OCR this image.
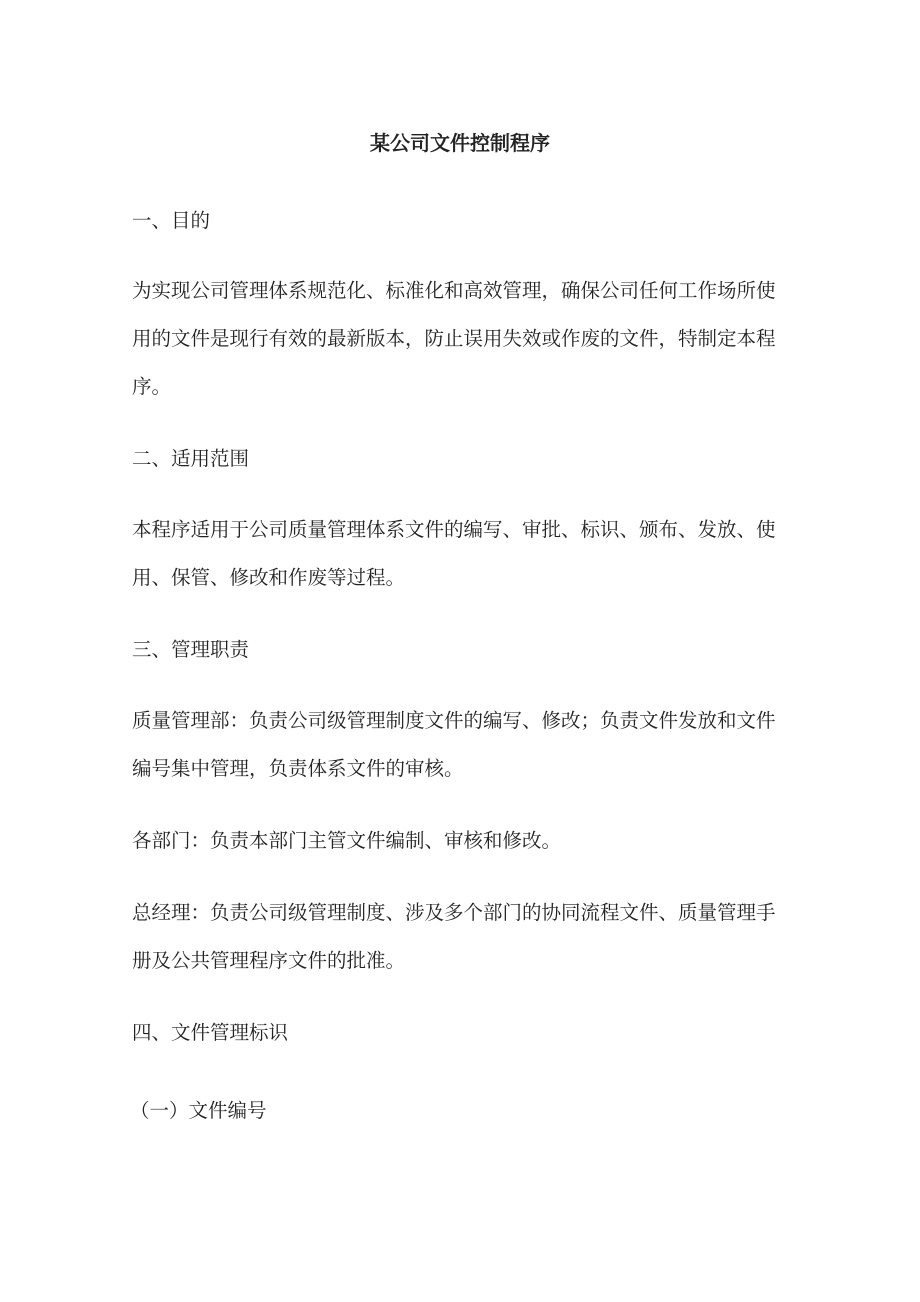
某公司文件控制程序
一、目的
为实现公司管理体系规范化、标准化和高效管理，确保公司任何工作场所使
用的文件是现行有效的最新版本，防止误用失效或作废的文件，特制定本程
序。
二、适用范围
本程序适用于公司质量管理体系文件的编写、审批、标识、颁布、发放、使
用、保管、修改和作废等过程。
三、管理职责
质量管理部：负责公司级管理制度文件的编写、修改；负责文件发放和文件
编号集中管理，负责体系文件的审核。
各部门：负责本部门主管文件编制、审核和修改。
总经理：负责公司级管理制度、涉及多个部门的协同流程文件、质量管理手
册及公共管理程序文件的批准。
四、文件管理标识
（一）文件编号
